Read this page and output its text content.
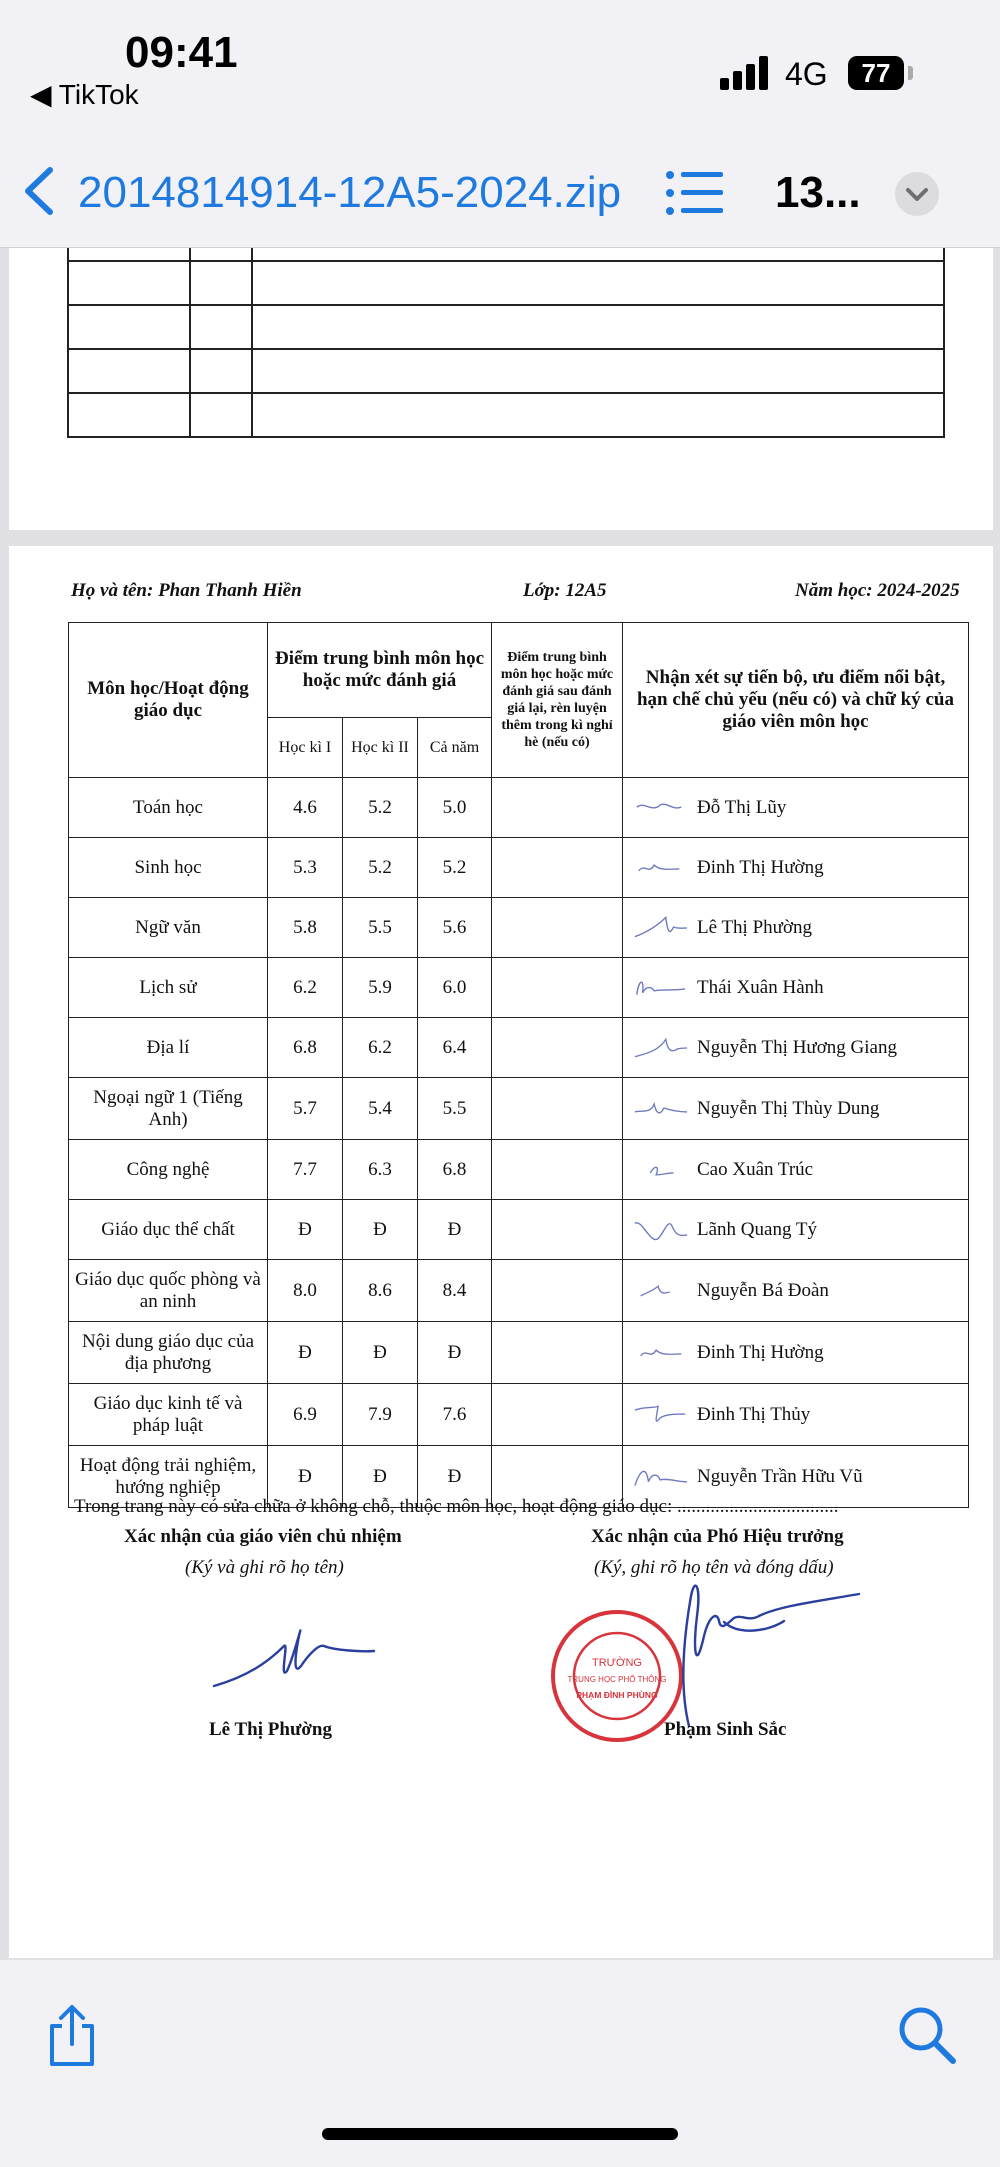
09:41
◀ TikTok
4G	77
2014814914-12A5-2024.zip	13...

Họ và tên: Phan Thanh Hiền	Lớp: 12A5	Năm học: 2024-2025
Môn học/Hoạt động giáo dục	Điểm trung bình môn học hoặc mức đánh giá			Điểm trung bình môn học hoặc mức đánh giá sau đánh giá lại, rèn luyện thêm trong kì nghỉ hè (nếu có)	Nhận xét sự tiến bộ, ưu điểm nổi bật, hạn chế chủ yếu (nếu có) và chữ ký của giáo viên môn học
	Học kì I	Học kì II	Cả năm		
Toán học	4.6	5.2	5.0		Đỗ Thị Lũy
Sinh học	5.3	5.2	5.2		Đinh Thị Hường
Ngữ văn	5.8	5.5	5.6		Lê Thị Phường
Lịch sử	6.2	5.9	6.0		Thái Xuân Hành
Địa lí	6.8	6.2	6.4		Nguyễn Thị Hương Giang
Ngoại ngữ 1 (Tiếng Anh)	5.7	5.4	5.5		Nguyễn Thị Thùy Dung
Công nghệ	7.7	6.3	6.8		Cao Xuân Trúc
Giáo dục thể chất	Đ	Đ	Đ		Lãnh Quang Tý
Giáo dục quốc phòng và an ninh	8.0	8.6	8.4		Nguyễn Bá Đoàn
Nội dung giáo dục của địa phương	Đ	Đ	Đ		Đinh Thị Hường
Giáo dục kinh tế và pháp luật	6.9	7.9	7.6		Đinh Thị Thủy
Hoạt động trải nghiệm, hướng nghiệp	Đ	Đ	Đ		Nguyễn Trần Hữu Vũ
Trong trang này có sửa chữa ở không chỗ, thuộc môn học, hoạt động giáo dục: ..................................
Xác nhận của giáo viên chủ nhiệm
(Ký và ghi rõ họ tên)
Xác nhận của Phó Hiệu trưởng
(Ký, ghi rõ họ tên và đóng dấu)
TRƯỜNG
TRUNG HỌC PHỔ THÔNG
PHẠM ĐÌNH PHÙNG
Lê Thị Phường	Phạm Sinh Sắc
